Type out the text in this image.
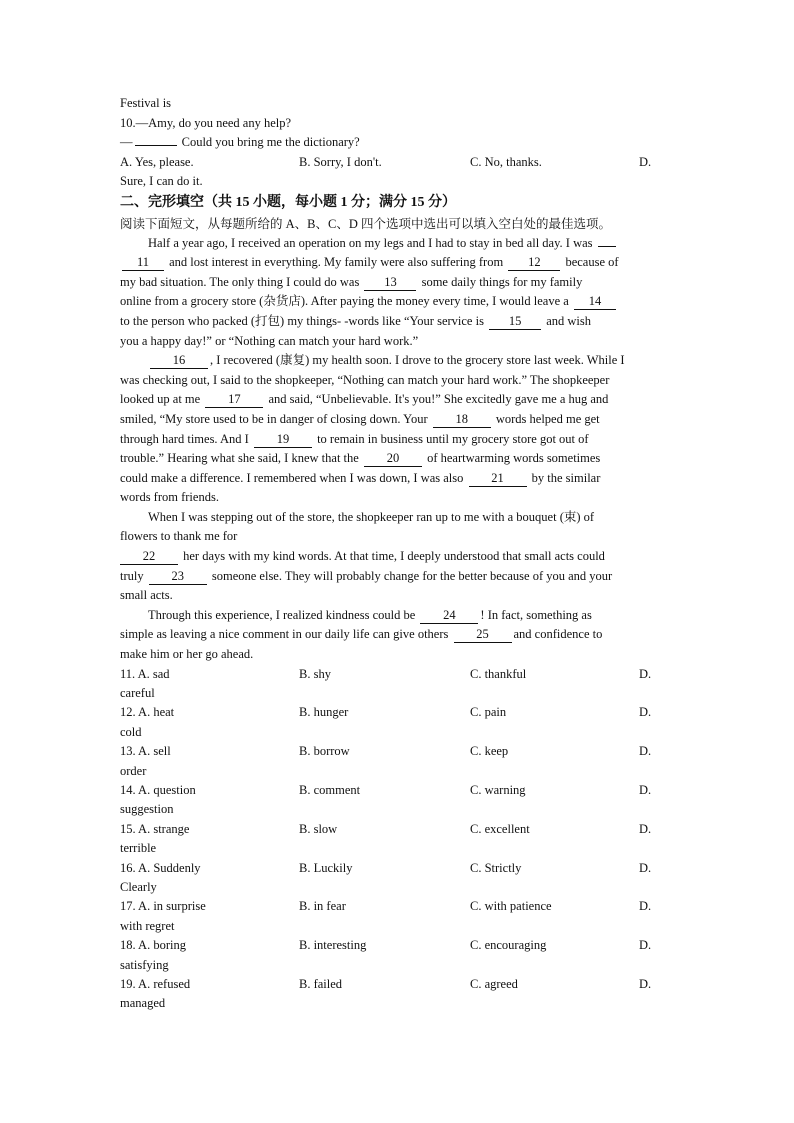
Festival is
10.—Amy, do you need any help?
—	Could you bring me the dictionary?
A. Yes, please.	B. Sorry, I don't.	C. No, thanks.	D.
Sure, I can do it.
二、完形填空（共 15 小题，每小题 1 分；满分 15 分）
阅读下面短文，从每题所给的 A、B、C、D 四个选项中选出可以填入空白处的最佳选项。
Half a year ago, I received an operation on my legs and I had to stay in bed all day. I was
11 and lost interest in everything. My family were also suffering from 12 because of
my bad situation. The only thing I could do was 13 some daily things for my family
online from a grocery store (杂货店). After paying the money every time, I would leave a 14
to the person who packed (打包) my things- -words like “Your service is 15 and wish
you a happy day!” or “Nothing can match your hard work.”
16 , I recovered (康复) my health soon. I drove to the grocery store last week. While I
was checking out, I said to the shopkeeper, “Nothing can match your hard work.” The shopkeeper
looked up at me 17 and said, “Unbelievable. It's you!” She excitedly gave me a hug and
smiled, “My store used to be in danger of closing down. Your 18 words helped me get
through hard times. And I 19 to remain in business until my grocery store got out of
trouble.” Hearing what she said, I knew that the 20 of heartwarming words sometimes
could make a difference. I remembered when I was down, I was also 21 by the similar
words from friends.
When I was stepping out of the store, the shopkeeper ran up to me with a bouquet (束) of
flowers to thank me for
22 her days with my kind words. At that time, I deeply understood that small acts could
truly 23 someone else. They will probably change for the better because of you and your
small acts.
Through this experience, I realized kindness could be 24 ! In fact, something as
simple as leaving a nice comment in our daily life can give others 25 and confidence to
make him or her go ahead.
11. A. sad	B. shy	C. thankful	D.
careful
12. A. heat	B. hunger	C. pain	D.
cold
13. A. sell	B. borrow	C. keep	D.
order
14. A. question	B. comment	C. warning	D.
suggestion
15. A. strange	B. slow	C. excellent	D.
terrible
16. A. Suddenly	B. Luckily	C. Strictly	D.
Clearly
17. A. in surprise	B. in fear	C. with patience	D.
with regret
18. A. boring	B. interesting	C. encouraging	D.
satisfying
19. A. refused	B. failed	C. agreed	D.
managed
